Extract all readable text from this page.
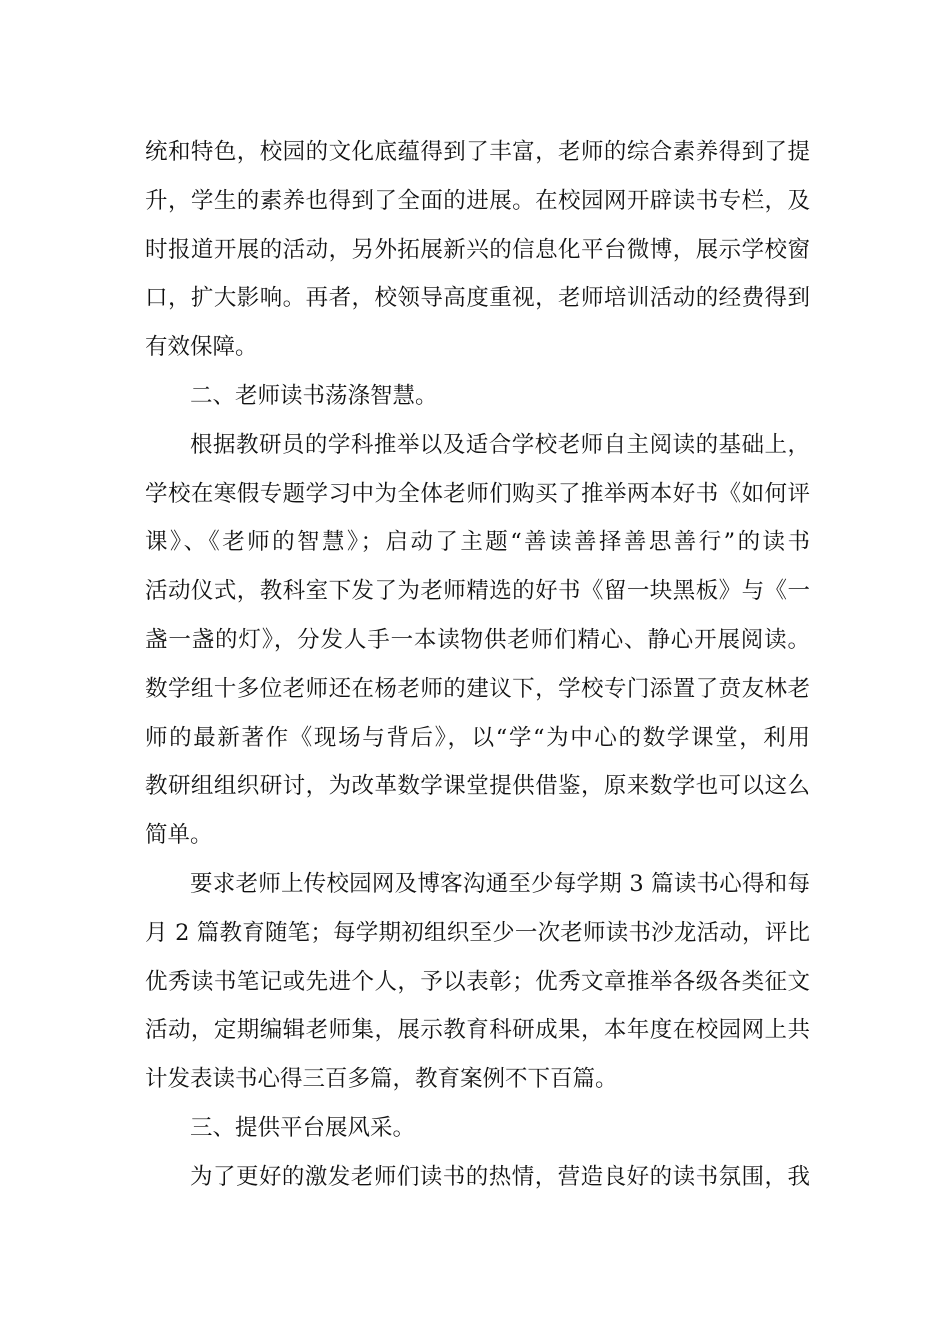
统和特色，校园的文化底蕴得到了丰富，老师的综合素养得到了提
升，学生的素养也得到了全面的进展。在校园网开辟读书专栏，及
时报道开展的活动，另外拓展新兴的信息化平台微博，展示学校窗
口，扩大影响。再者，校领导高度重视，老师培训活动的经费得到
有效保障。
二、老师读书荡涤智慧。
根据教研员的学科推举以及适合学校老师自主阅读的基础上，
学校在寒假专题学习中为全体老师们购买了推举两本好书《如何评
课》、《老师的智慧》；启动了主题“善读善择善思善行”的读书
活动仪式，教科室下发了为老师精选的好书《留一块黑板》与《一
盏一盏的灯》，分发人手一本读物供老师们精心、静心开展阅读。
数学组十多位老师还在杨老师的建议下，学校专门添置了贲友林老
师的最新著作《现场与背后》，以“学“为中心的数学课堂，利用
教研组组织研讨，为改革数学课堂提供借鉴，原来数学也可以这么
简单。
要求老师上传校园网及博客沟通至少每学期 3 篇读书心得和每
月 2 篇教育随笔；每学期初组织至少一次老师读书沙龙活动，评比
优秀读书笔记或先进个人，予以表彰；优秀文章推举各级各类征文
活动，定期编辑老师集，展示教育科研成果，本年度在校园网上共
计发表读书心得三百多篇，教育案例不下百篇。
三、提供平台展风采。
为了更好的激发老师们读书的热情，营造良好的读书氛围，我
